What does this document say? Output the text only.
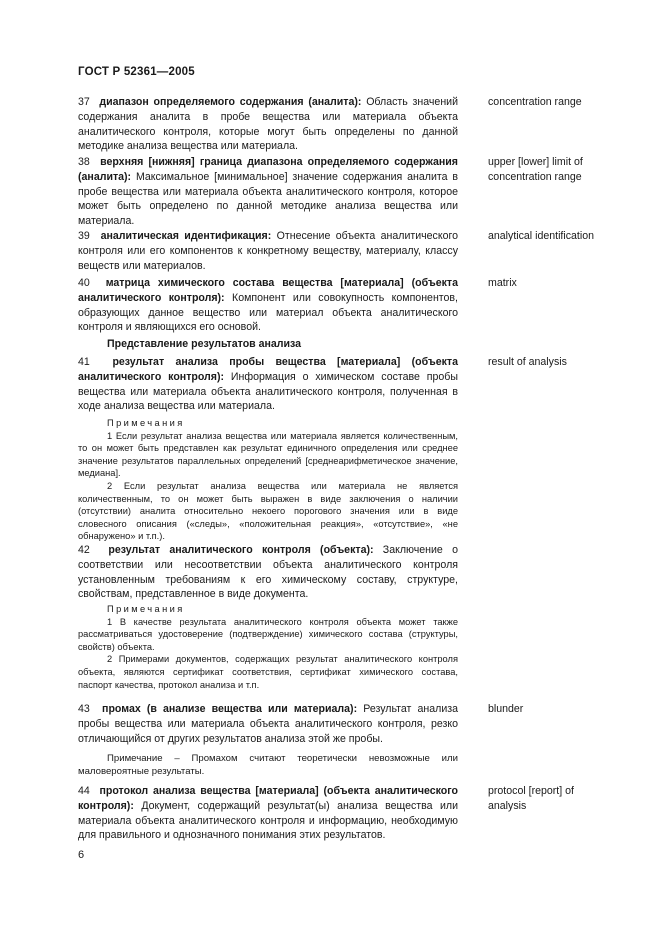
ГОСТ Р 52361—2005
37 диапазон определяемого содержания (аналита): Область значений содержания аналита в пробе вещества или материала объекта аналитического контроля, которые могут быть определены по данной методике анализа вещества или материала.
concentration range
38 верхняя [нижняя] граница диапазона определяемого содержания (аналита): Максимальное [минимальное] значение содержания аналита в пробе вещества или материала объекта аналитического контроля, которое может быть определено по данной методике анализа вещества или материала.
upper [lower] limit of concentration range
39 аналитическая идентификация: Отнесение объекта аналитического контроля или его компонентов к конкретному веществу, материалу, классу веществ или материалов.
analytical identification
40 матрица химического состава вещества [материала] (объекта аналитического контроля): Компонент или совокупность компонентов, образующих данное вещество или материал объекта аналитического контроля и являющихся его основой.
matrix
Представление результатов анализа
41 результат анализа пробы вещества [материала] (объекта аналитического контроля): Информация о химическом составе пробы вещества или материала объекта аналитического контроля, полученная в ходе анализа вещества или материала.
result of analysis
Примечания

1 Если результат анализа вещества или материала является количественным, то он может быть представлен как результат единичного определения или среднее значение результатов параллельных определений [среднеарифметическое значение, медиана].

2 Если результат анализа вещества или материала не является количественным, то он может быть выражен в виде заключения о наличии (отсутствии) аналита относительно некоего порогового значения или в виде словесного описания («следы», «положительная реакция», «отсутствие», «не обнаружено» и т.п.).

42 результат аналитического контроля (объекта): Заключение о соответствии или несоответствии объекта аналитического контроля установленным требованиям к его химическому составу, структуре, свойствам, представленное в виде документа.
Примечания

1 В качестве результата аналитического контроля объекта может также рассматриваться удостоверение (подтверждение) химического состава (структуры, свойств) объекта.

2 Примерами документов, содержащих результат аналитического контроля объекта, являются сертификат соответствия, сертификат химического состава, паспорт качества, протокол анализа и т.п.

43 промах (в анализе вещества или материала): Результат анализа пробы вещества или материала объекта аналитического контроля, резко отличающийся от других результатов анализа этой же пробы.

Примечание – Промахом считают теоретически невозможные или маловероятные результаты.

blunder
44 протокол анализа вещества [материала] (объекта аналитического контроля): Документ, содержащий результат(ы) анализа вещества или материала объекта аналитического контроля и информацию, необходимую для правильного и однозначного понимания этих результатов.
protocol [report] of analysis
6
